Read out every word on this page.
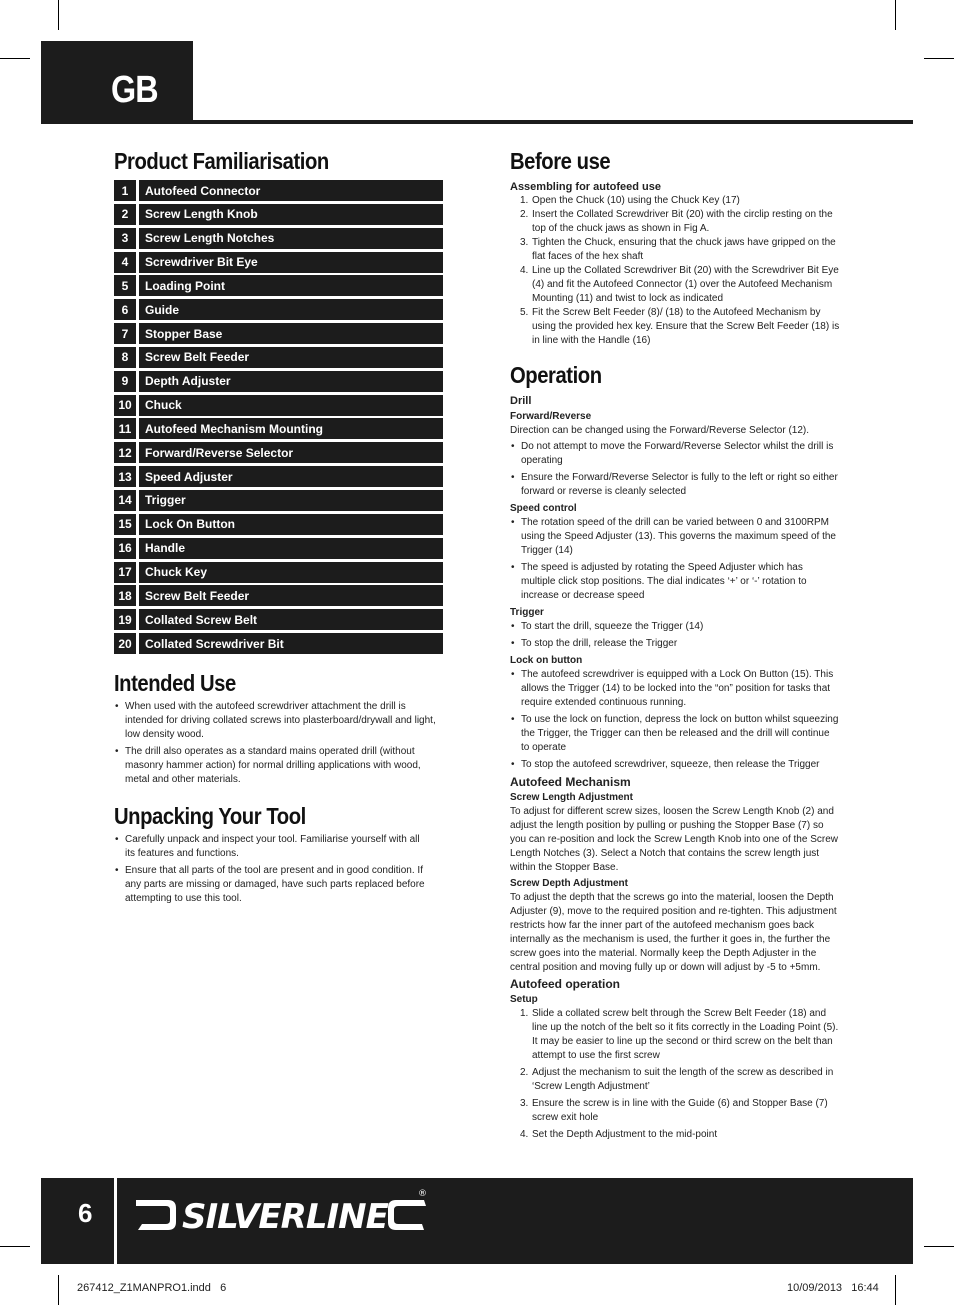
GB
Product Familiarisation
1	Autofeed Connector
2	Screw Length Knob
3	Screw Length Notches
4	Screwdriver Bit Eye
5	Loading Point
6	Guide
7	Stopper Base
8	Screw Belt Feeder
9	Depth Adjuster
10	Chuck
11	Autofeed Mechanism Mounting
12	Forward/Reverse Selector
13	Speed Adjuster
14	Trigger
15	Lock On Button
16	Handle
17	Chuck Key
18	Screw Belt Feeder
19	Collated Screw Belt
20	Collated Screwdriver Bit
Intended Use
• When used with the autofeed screwdriver attachment the drill is intended for driving collated screws into plasterboard/drywall and light, low density wood.
• The drill also operates as a standard mains operated drill (without masonry hammer action) for normal drilling applications with wood, metal and other materials.
Unpacking Your Tool
• Carefully unpack and inspect your tool. Familiarise yourself with all its features and functions.
• Ensure that all parts of the tool are present and in good condition. If any parts are missing or damaged, have such parts replaced before attempting to use this tool.
Before use
Assembling for autofeed use
1. Open the Chuck (10) using the Chuck Key (17)
2. Insert the Collated Screwdriver Bit (20) with the circlip resting on the top of the chuck jaws as shown in Fig A.
3. Tighten the Chuck, ensuring that the chuck jaws have gripped on the flat faces of the hex shaft
4. Line up the Collated Screwdriver Bit (20) with the Screwdriver Bit Eye (4) and fit the Autofeed Connector (1) over the Autofeed Mechanism Mounting (11) and twist to lock as indicated
5. Fit the Screw Belt Feeder (8)/ (18) to the Autofeed Mechanism by using the provided hex key. Ensure that the Screw Belt Feeder (18) is in line with the Handle (16)
Operation
Drill
Forward/Reverse

Direction can be changed using the Forward/Reverse Selector (12).

• Do not attempt to move the Forward/Reverse Selector whilst the drill is operating
• Ensure the Forward/Reverse Selector is fully to the left or right so either forward or reverse is cleanly selected
Speed control
• The rotation speed of the drill can be varied between 0 and 3100RPM using the Speed Adjuster (13). This governs the maximum speed of the Trigger (14)
• The speed is adjusted by rotating the Speed Adjuster which has multiple click stop positions. The dial indicates ‘+’ or ‘-’ rotation to increase or decrease speed
Trigger
• To start the drill, squeeze the Trigger (14)
• To stop the drill, release the Trigger
Lock on button
• The autofeed screwdriver is equipped with a Lock On Button (15). This allows the Trigger (14) to be locked into the “on” position for tasks that require extended continuous running.
• To use the lock on function, depress the lock on button whilst squeezing the Trigger, the Trigger can then be released and the drill will continue to operate
• To stop the autofeed screwdriver, squeeze, then release the Trigger
Autofeed Mechanism
Screw Length Adjustment

To adjust for different screw sizes, loosen the Screw Length Knob (2) and adjust the length position by pulling or pushing the Stopper Base (7) so you can re-position and lock the Screw Length Knob into one of the Screw Length Notches (3). Select a Notch that contains the screw length just within the Stopper Base.

Screw Depth Adjustment

To adjust the depth that the screws go into the material, loosen the Depth Adjuster (9), move to the required position and re-tighten. This adjustment restricts how far the inner part of the autofeed mechanism goes back internally as the mechanism is used, the further it goes in, the further the screw goes into the material. Normally keep the Depth Adjuster in the central position and moving fully up or down will adjust by -5 to +5mm.

Autofeed operation
Setup
1. Slide a collated screw belt through the Screw Belt Feeder (18) and line up the notch of the belt so it fits correctly in the Loading Point (5). It may be easier to line up the second or third screw on the belt than attempt to use the first screw
2. Adjust the mechanism to suit the length of the screw as described in ‘Screw Length Adjustment’
3. Ensure the screw is in line with the Guide (6) and Stopper Base (7) screw exit hole
4. Set the Depth Adjustment to the mid-point
6	SILVERLINE
®
267412_Z1MANPRO1.indd   6	10/09/2013   16:44
